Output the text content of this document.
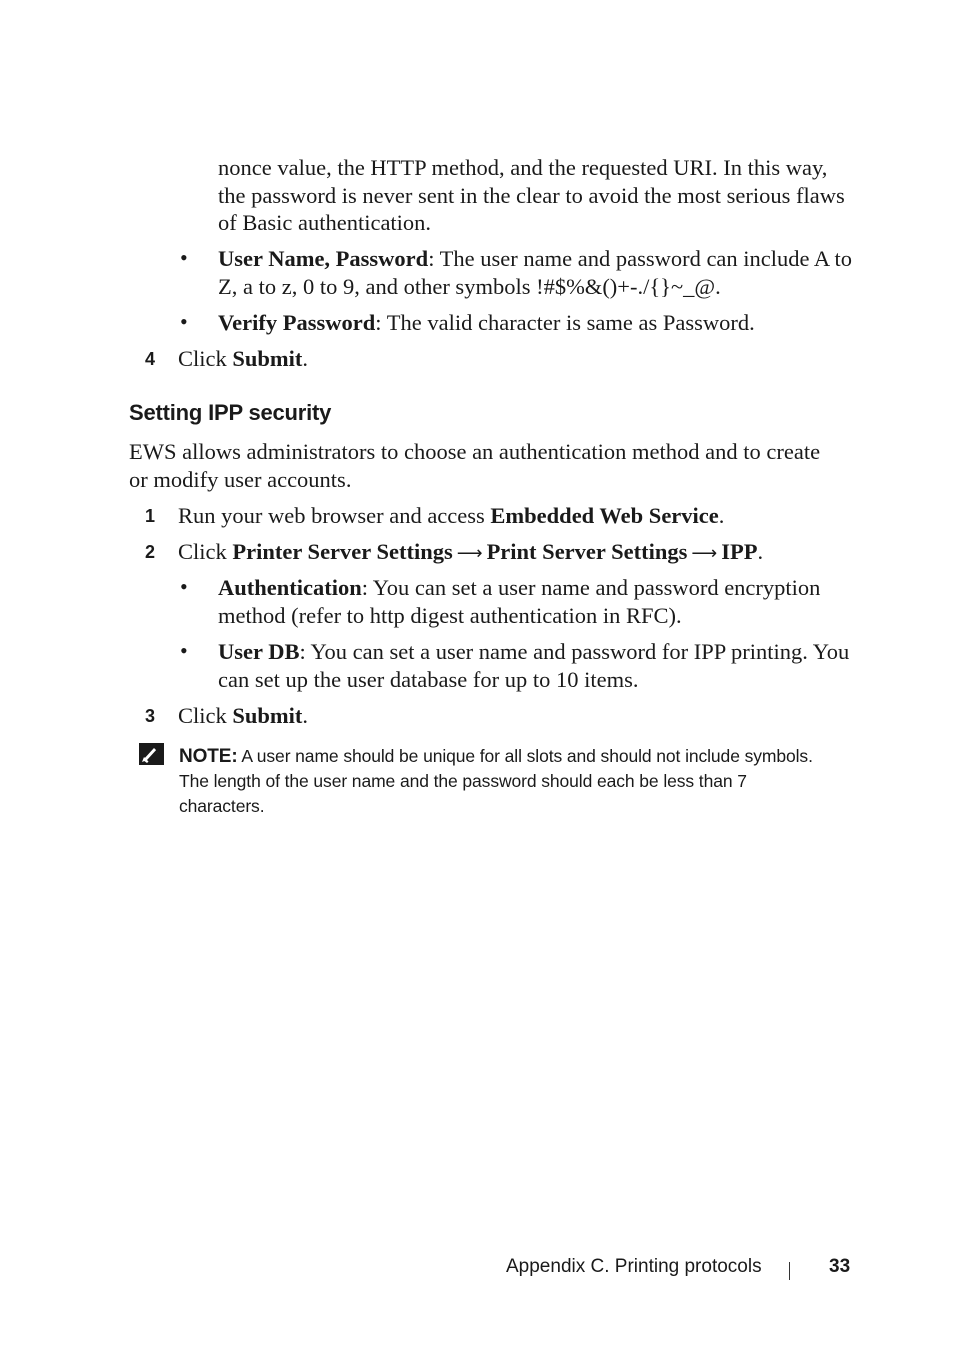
nonce value, the HTTP method, and the requested URI. In this way,
the password is never sent in the clear to avoid the most serious flaws
of Basic authentication.
• User Name, Password: The user name and password can include A to
Z, a to z, 0 to 9, and other symbols !#$%&()+-./{}~_@.
• Verify Password: The valid character is same as Password.
4 Click Submit.
Setting IPP security
EWS allows administrators to choose an authentication method and to create
or modify user accounts.
1 Run your web browser and access Embedded Web Service.
2 Click Printer Server Settings ⟶ Print Server Settings ⟶ IPP.
• Authentication: You can set a user name and password encryption
method (refer to http digest authentication in RFC).
• User DB: You can set a user name and password for IPP printing. You
can set up the user database for up to 10 items.
3 Click Submit.
NOTE: A user name should be unique for all slots and should not include symbols.
The length of the user name and the password should each be less than 7
characters.
Appendix C. Printing protocols	33
